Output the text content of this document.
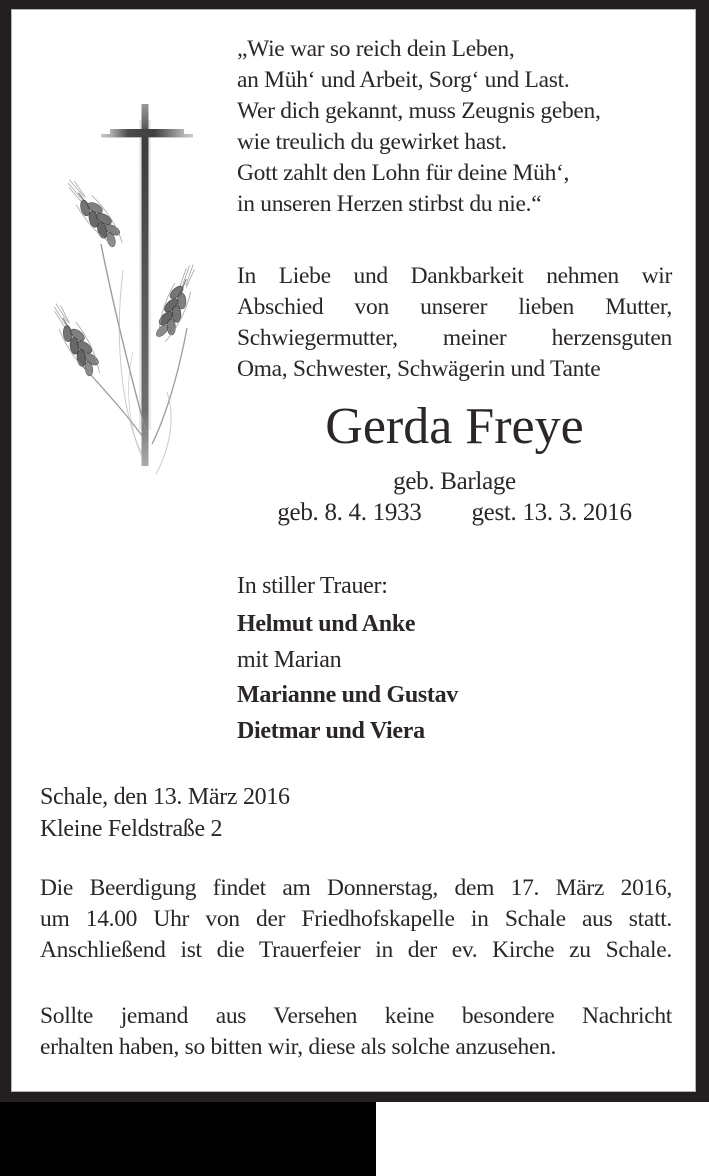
„Wie war so reich dein Leben,
an Müh‘ und Arbeit, Sorg‘ und Last.
Wer dich gekannt, muss Zeugnis geben,
wie treulich du gewirket hast.
Gott zahlt den Lohn für deine Müh‘,
in unseren Herzen stirbst du nie.“
In Liebe und Dankbarkeit nehmen wir
Abschied von unserer lieben Mutter,
Schwiegermutter, meiner herzensguten
Oma, Schwester, Schwägerin und Tante
Gerda Freye
geb. Barlage
geb. 8. 4. 1933 gest. 13. 3. 2016
In stiller Trauer:
Helmut und Anke
mit Marian
Marianne und Gustav
Dietmar und Viera
Schale, den 13. März 2016
Kleine Feldstraße 2
Die Beerdigung findet am Donnerstag, dem 17. März 2016,
um 14.00 Uhr von der Friedhofskapelle in Schale aus statt.
Anschließend ist die Trauerfeier in der ev. Kirche zu Schale.
Sollte jemand aus Versehen keine besondere Nachricht
erhalten haben, so bitten wir, diese als solche anzusehen.
